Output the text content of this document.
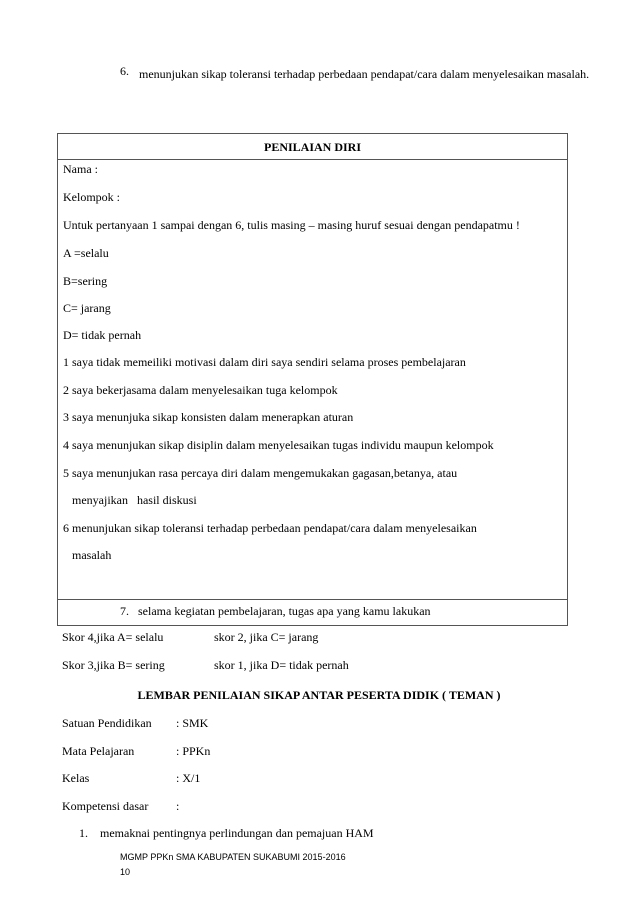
6. menunjukan sikap toleransi terhadap perbedaan pendapat/cara dalam menyelesaikan masalah.
PENILAIAN DIRI
Nama :
Kelompok :
Untuk pertanyaan 1 sampai dengan 6, tulis masing – masing huruf sesuai dengan pendapatmu !
A =selalu
B=sering
C= jarang
D= tidak pernah
1 saya tidak memeiliki motivasi dalam diri saya sendiri selama proses pembelajaran
2 saya bekerjasama dalam menyelesaikan tuga kelompok
3 saya menunjuka sikap konsisten dalam menerapkan aturan
4 saya menunjukan sikap disiplin dalam menyelesaikan tugas individu maupun kelompok
5 saya menunjukan rasa percaya diri dalam mengemukakan gagasan,betanya, atau
menyajikan   hasil diskusi
6 menunjukan sikap toleransi terhadap perbedaan pendapat/cara dalam menyelesaikan
masalah
7. selama kegiatan pembelajaran, tugas apa yang kamu lakukan
Skor 4,jika A= selalu	skor 2, jika C= jarang
Skor 3,jika B= sering	skor 1, jika D= tidak pernah
LEMBAR PENILAIAN SIKAP ANTAR PESERTA DIDIK ( TEMAN )
Satuan Pendidikan : SMK
Mata Pelajaran	: PPKn
Kelas	: X/1
Kompetensi dasar :
1. memaknai pentingnya perlindungan dan pemajuan HAM
MGMP PPKn SMA KABUPATEN SUKABUMI 2015-2016
10
